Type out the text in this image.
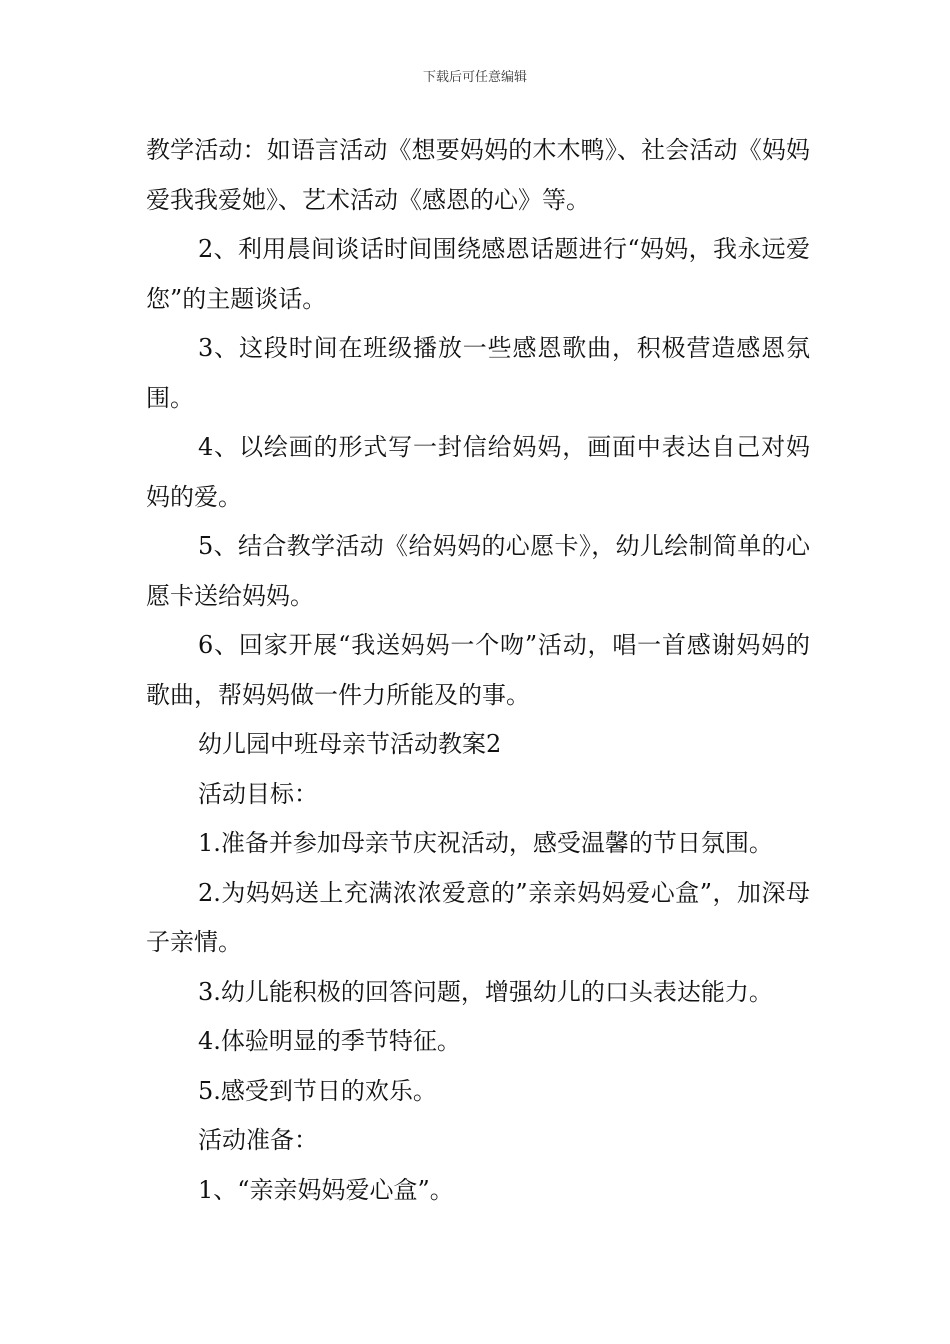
下载后可任意编辑

教学活动：如语言活动《想要妈妈的木木鸭》、社会活动《妈妈爱我我爱她》、艺术活动《感恩的心》等。

2、利用晨间谈话时间围绕感恩话题进行“妈妈，我永远爱您”的主题谈话。

3、这段时间在班级播放一些感恩歌曲，积极营造感恩氛围。

4、以绘画的形式写一封信给妈妈，画面中表达自己对妈妈的爱。

5、结合教学活动《给妈妈的心愿卡》，幼儿绘制简单的心愿卡送给妈妈。

6、回家开展“我送妈妈一个吻”活动，唱一首感谢妈妈的歌曲，帮妈妈做一件力所能及的事。

幼儿园中班母亲节活动教案2

活动目标：

1.准备并参加母亲节庆祝活动，感受温馨的节日氛围。

2.为妈妈送上充满浓浓爱意的”亲亲妈妈爱心盒”，加深母子亲情。

3.幼儿能积极的回答问题，增强幼儿的口头表达能力。

4.体验明显的季节特征。

5.感受到节日的欢乐。

活动准备：

1、“亲亲妈妈爱心盒”。
